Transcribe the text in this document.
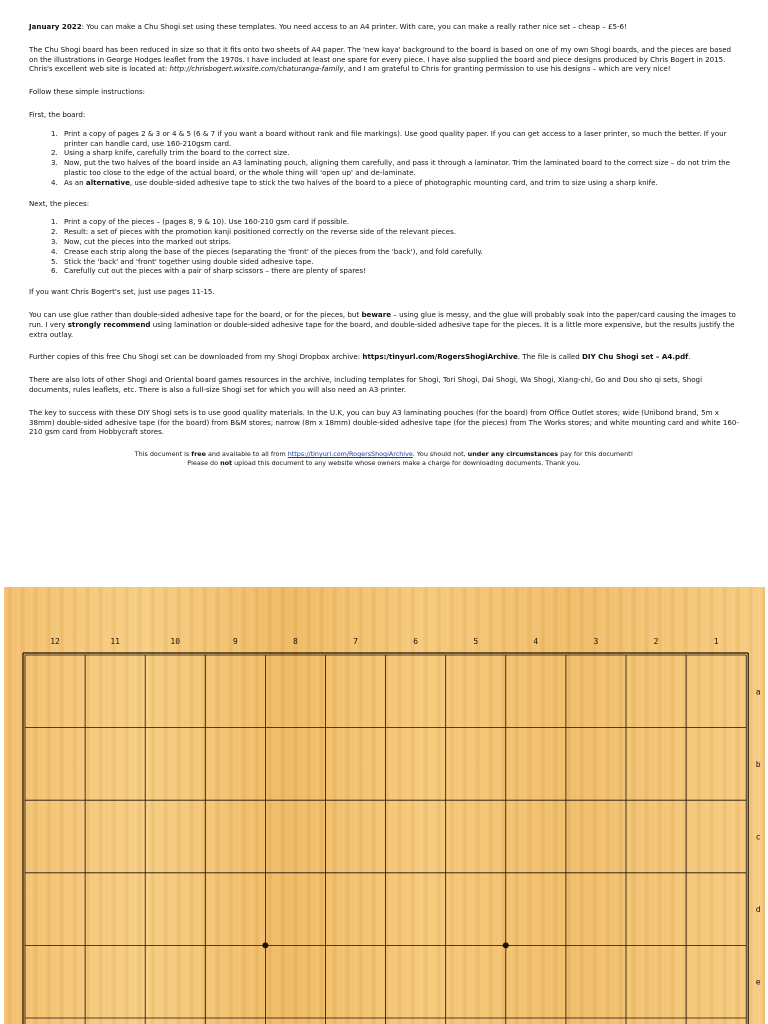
January 2022: You can make a Chu Shogi set using these templates. You need access to an A4 printer. With care, you can make a really rather nice set – cheap – £5-6!

The Chu Shogi board has been reduced in size so that it fits onto two sheets of A4 paper. The 'new kaya' background to the board is based on one of my own Shogi boards, and the pieces are based on the illustrations in George Hodges leaflet from the 1970s. I have included at least one spare for every piece. I have also supplied the board and piece designs produced by Chris Bogert in 2015. Chris's excellent web site is located at: http://chrisbogert.wixsite.com/chaturanga-family, and I am grateful to Chris for granting permission to use his designs – which are very nice!

Follow these simple instructions:

First, the board:

1. Print a copy of pages 2 & 3 or 4 & 5 (6 & 7 if you want a board without rank and file markings). Use good quality paper. If you can get access to a laser printer, so much the better. If your printer can handle card, use 160-210gsm card.
2. Using a sharp knife, carefully trim the board to the correct size.
3. Now, put the two halves of the board inside an A3 laminating pouch, aligning them carefully, and pass it through a laminator. Trim the laminated board to the correct size – do not trim the plastic too close to the edge of the actual board, or the whole thing will 'open up' and de-laminate.
4. As an alternative, use double-sided adhesive tape to stick the two halves of the board to a piece of photographic mounting card, and trim to size using a sharp knife.

Next, the pieces:

1. Print a copy of the pieces – (pages 8, 9 & 10). Use 160-210 gsm card if possible.
2. Result: a set of pieces with the promotion kanji positioned correctly on the reverse side of the relevant pieces.
3. Now, cut the pieces into the marked out strips.
4. Crease each strip along the base of the pieces (separating the 'front' of the pieces from the 'back'), and fold carefully.
5. Stick the 'back' and 'front' together using double sided adhesive tape.
6. Carefully cut out the pieces with a pair of sharp scissors – there are plenty of spares!

If you want Chris Bogert's set, just use pages 11-15.

You can use glue rather than double-sided adhesive tape for the board, or for the pieces, but beware – using glue is messy, and the glue will probably soak into the paper/card causing the images to run. I very strongly recommend using lamination or double-sided adhesive tape for the board, and double-sided adhesive tape for the pieces. It is a little more expensive, but the results justify the extra outlay.

Further copies of this free Chu Shogi set can be downloaded from my Shogi Dropbox archive: https:/tinyurl.com/RogersShogiArchive. The file is called DIY Chu Shogi set – A4.pdf.

There are also lots of other Shogi and Oriental board games resources in the archive, including templates for Shogi, Tori Shogi, Dai Shogi, Wa Shogi, Xiang-chi, Go and Dou sho qi sets, Shogi documents, rules leaflets, etc. There is also a full-size Shogi set for which you will also need an A3 printer.

The key to success with these DIY Shogi sets is to use good quality materials. In the U.K, you can buy A3 laminating pouches (for the board) from Office Outlet stores; wide (Unibond brand, 5m x 38mm) double-sided adhesive tape (for the board) from B&M stores; narrow (8m x 18mm) double-sided adhesive tape (for the pieces) from The Works stores; and white mounting card and white 160-210 gsm card from Hobbycraft stores.

This document is free and available to all from https://tinyurl.com/RogersShogiArchive. You should not, under any circumstances pay for this document!
Please do not upload this document to any website whose owners make a charge for downloading documents. Thank you.
12	11	10	9	8	7	6	5	4	3	2	1
a
b
c
d
e
